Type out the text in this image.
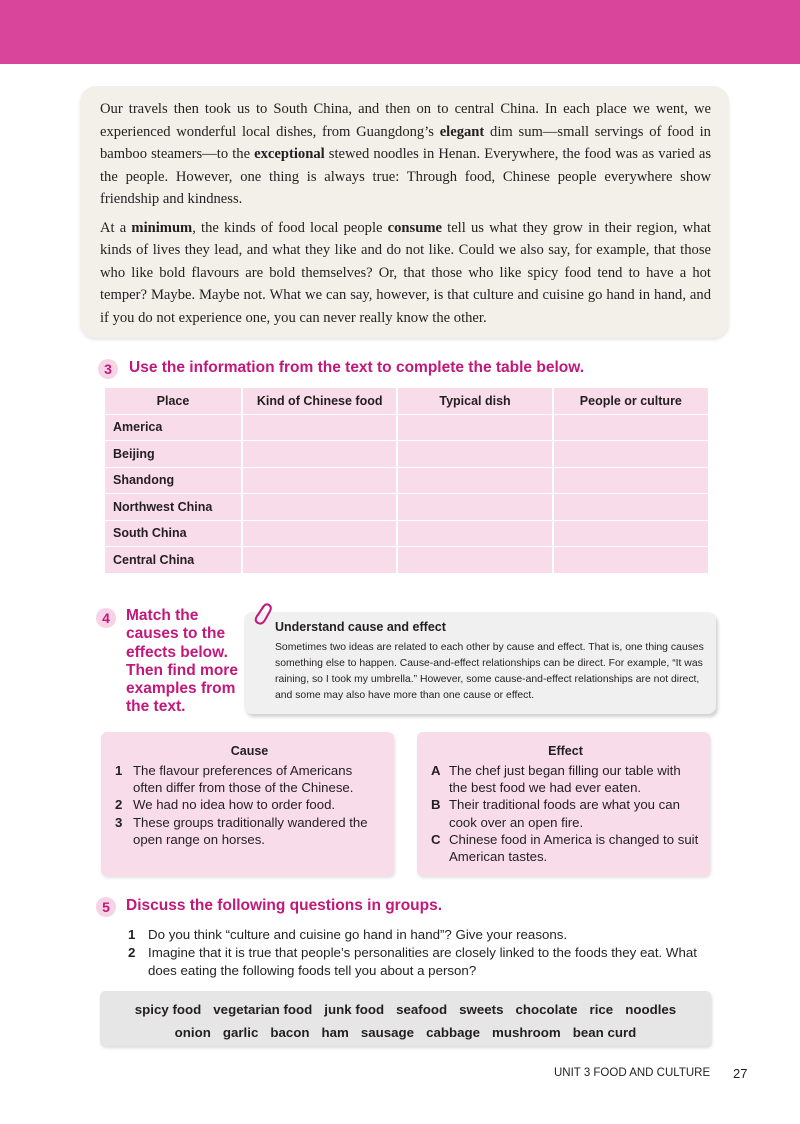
Our travels then took us to South China, and then on to central China. In each place we went, we experienced wonderful local dishes, from Guangdong’s elegant dim sum—small servings of food in bamboo steamers—to the exceptional stewed noodles in Henan. Everywhere, the food was as varied as the people. However, one thing is always true: Through food, Chinese people everywhere show friendship and kindness.

At a minimum, the kinds of food local people consume tell us what they grow in their region, what kinds of lives they lead, and what they like and do not like. Could we also say, for example, that those who like bold flavours are bold themselves? Or, that those who like spicy food tend to have a hot temper? Maybe. Maybe not. What we can say, however, is that culture and cuisine go hand in hand, and if you do not experience one, you can never really know the other.

3	Use the information from the text to complete the table below.
Place	Kind of Chinese food	Typical dish	People or culture
America			
Beijing			
Shandong			
Northwest China			
South China			
Central China			
4	Match the causes to the effects below. Then find more examples from the text.
Understand cause and effect
Sometimes two ideas are related to each other by cause and effect. That is, one thing causes something else to happen. Cause-and-effect relationships can be direct. For example, “It was raining, so I took my umbrella.” However, some cause-and-effect relationships are not direct, and some may also have more than one cause or effect.
Cause
1 The flavour preferences of Americans often differ from those of the Chinese.
2 We had no idea how to order food.
3 These groups traditionally wandered the open range on horses.
Effect
A The chef just began filling our table with the best food we had ever eaten.
B Their traditional foods are what you can cook over an open fire.
C Chinese food in America is changed to suit American tastes.
5	Discuss the following questions in groups.
1 Do you think “culture and cuisine go hand in hand”? Give your reasons.
2 Imagine that it is true that people’s personalities are closely linked to the foods they eat. What does eating the following foods tell you about a person?
spicy food vegetarian food junk food seafood sweets chocolate rice noodles
onion garlic bacon ham sausage cabbage mushroom bean curd
UNIT 3 FOOD AND CULTURE 27
